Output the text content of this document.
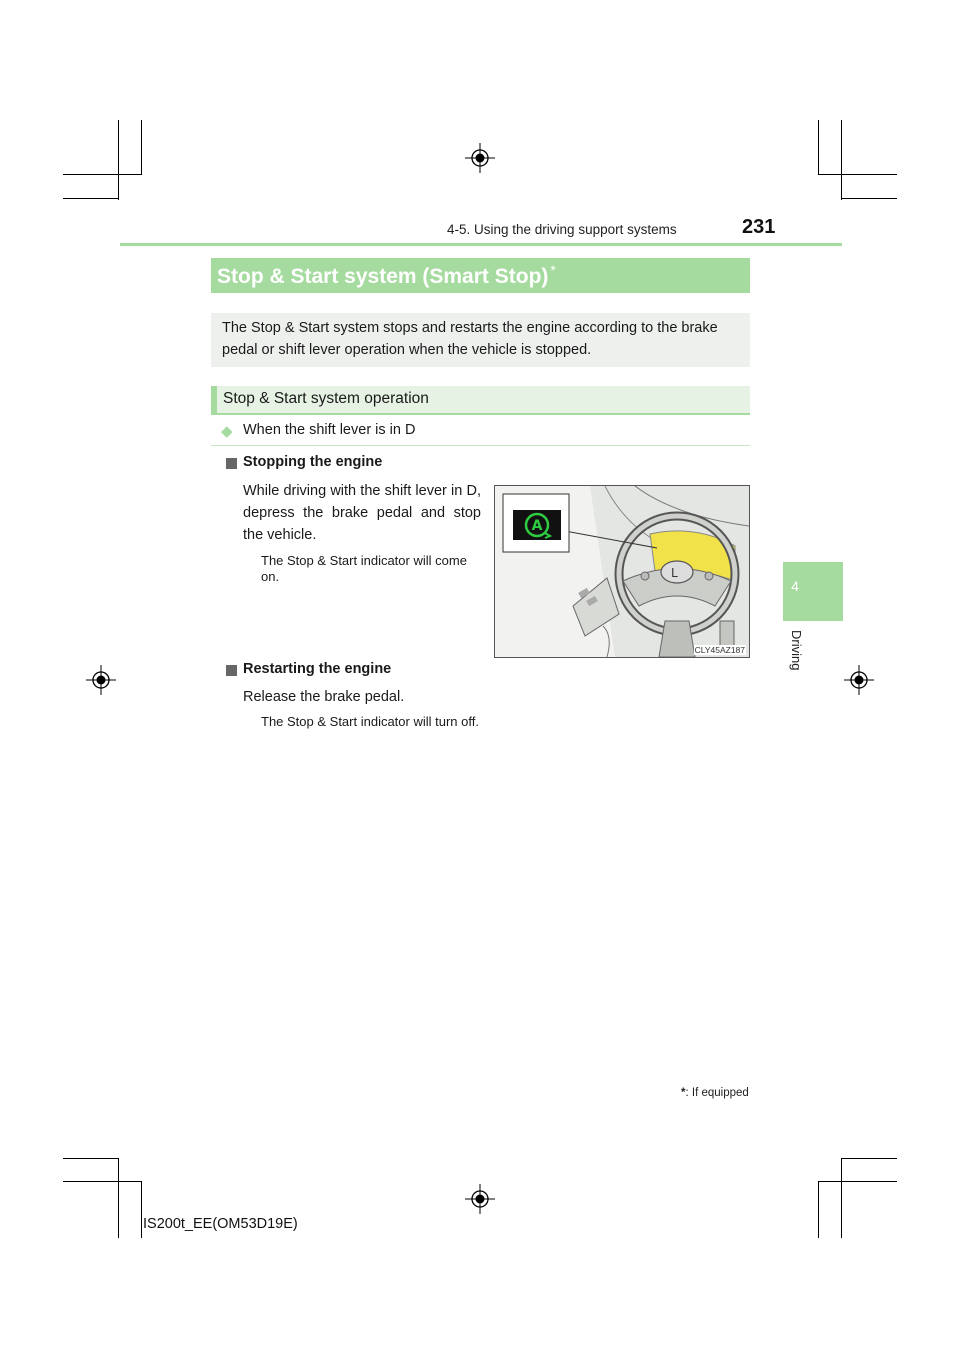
4-5. Using the driving support systems	231
Stop & Start system (Smart Stop) *
The Stop & Start system stops and restarts the engine according to the brake pedal or shift lever operation when the vehicle is stopped.
Stop & Start system operation
◆ When the shift lever is in D
Stopping the engine
While driving with the shift lever in D, depress the brake pedal and stop the vehicle.
The Stop & Start indicator will come on.	L
A
CLY45AZ187
Restarting the engine
Release the brake pedal.
The Stop & Start indicator will turn off.
*: If equipped
4
Driving
IS200t_EE(OM53D19E)
